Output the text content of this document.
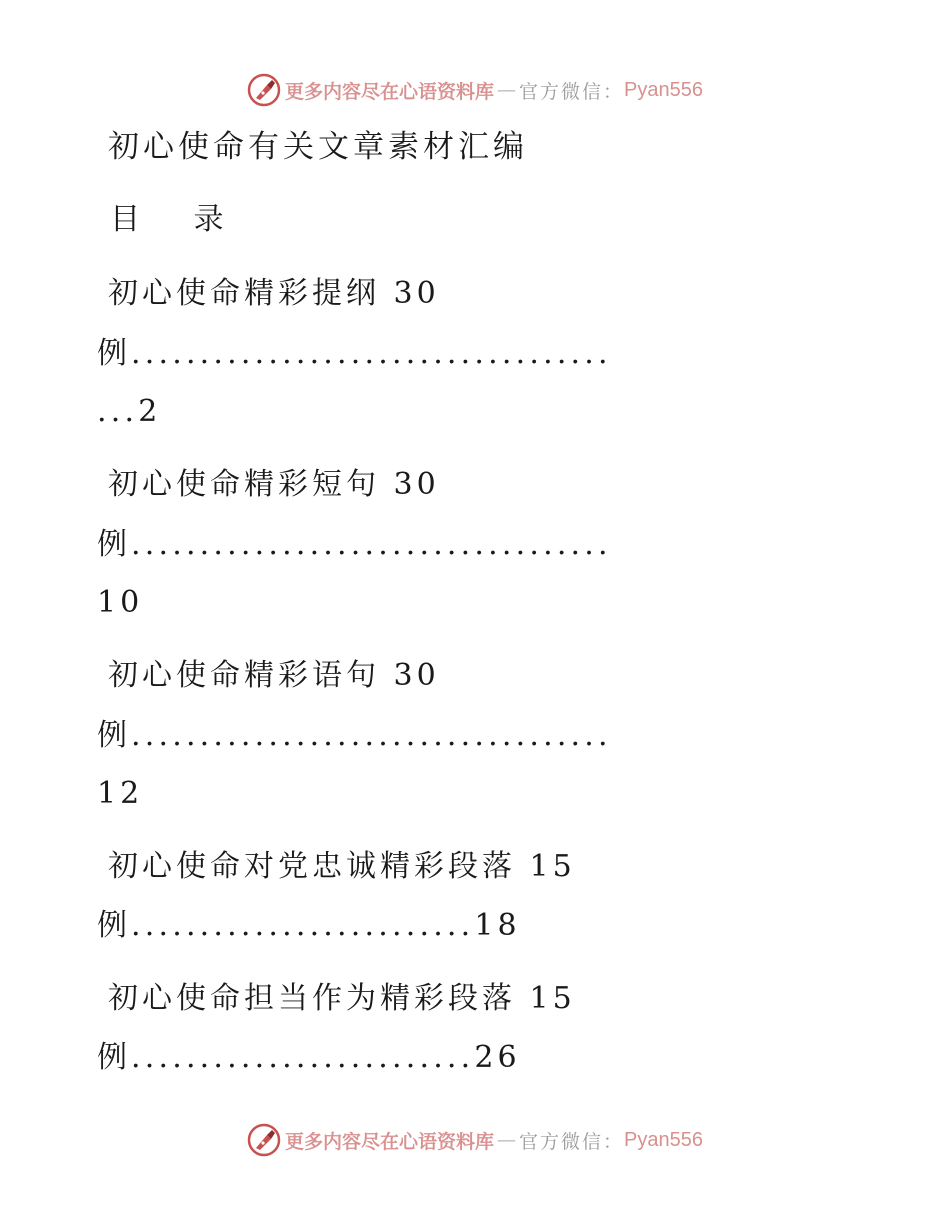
更多内容尽在心语资料库 — 官方微信： Pyan556
初心使命有关文章素材汇编
目 录
初心使命精彩提纲 30
例...................................
...2
初心使命精彩短句 30
例...................................
10
初心使命精彩语句 30
例...................................
12
初心使命对党忠诚精彩段落 15
例.........................18
初心使命担当作为精彩段落 15
例.........................26
更多内容尽在心语资料库 — 官方微信： Pyan556
